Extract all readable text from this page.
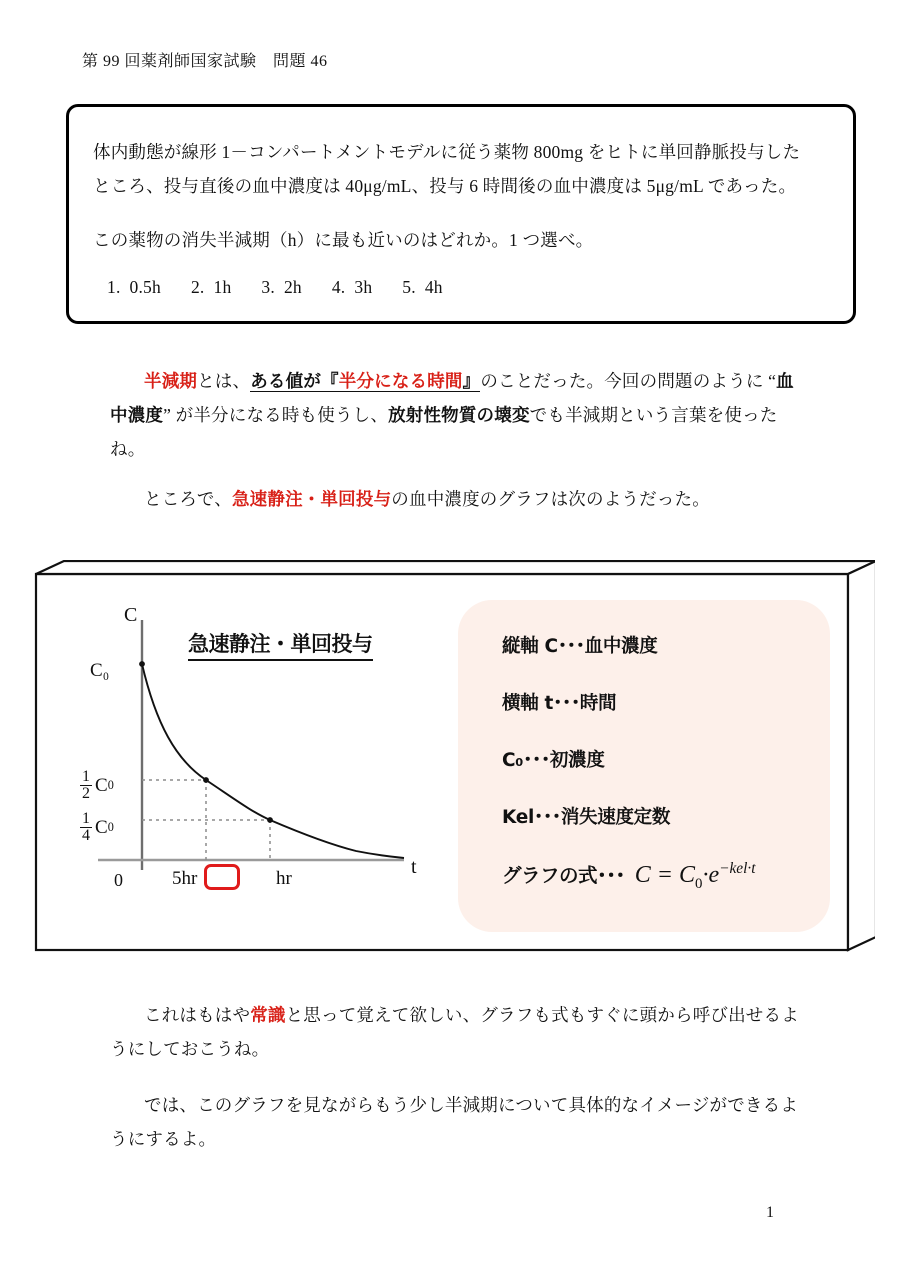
第 99 回薬剤師国家試験　問題 46
体内動態が線形 1－コンパートメントモデルに従う薬物 800mg をヒトに単回静脈投与した
ところ、投与直後の血中濃度は 40μg/mL、投与 6 時間後の血中濃度は 5μg/mL であった。
この薬物の消失半減期（h）に最も近いのはどれか。1 つ選べ。
1. 0.5h 2. 1h 3. 2h 4. 3h 5. 4h
半減期とは、ある値が『半分になる時間』のことだった。今回の問題のように “血中濃度” が半分になる時も使うし、放射性物質の壊変でも半減期という言葉を使ったね。
ところで、急速静注・単回投与の血中濃度のグラフは次のようだった。
急速静注・単回投与
C
t
C₀
0	5hr	hr
$\frac{1}{2}$ C 0
$\frac{1}{4}$ C 0
縦軸 C･･･血中濃度
横軸 t･･･時間
C₀･･･初濃度
Kel･･･消失速度定数
グラフの式･･･ $C = C_0\cdot e^{-kel\cdot t}$
これはもはや常識と思って覚えて欲しい、グラフも式もすぐに頭から呼び出せるようにしておこうね。
では、このグラフを見ながらもう少し半減期について具体的なイメージができるようにするよ。
1
